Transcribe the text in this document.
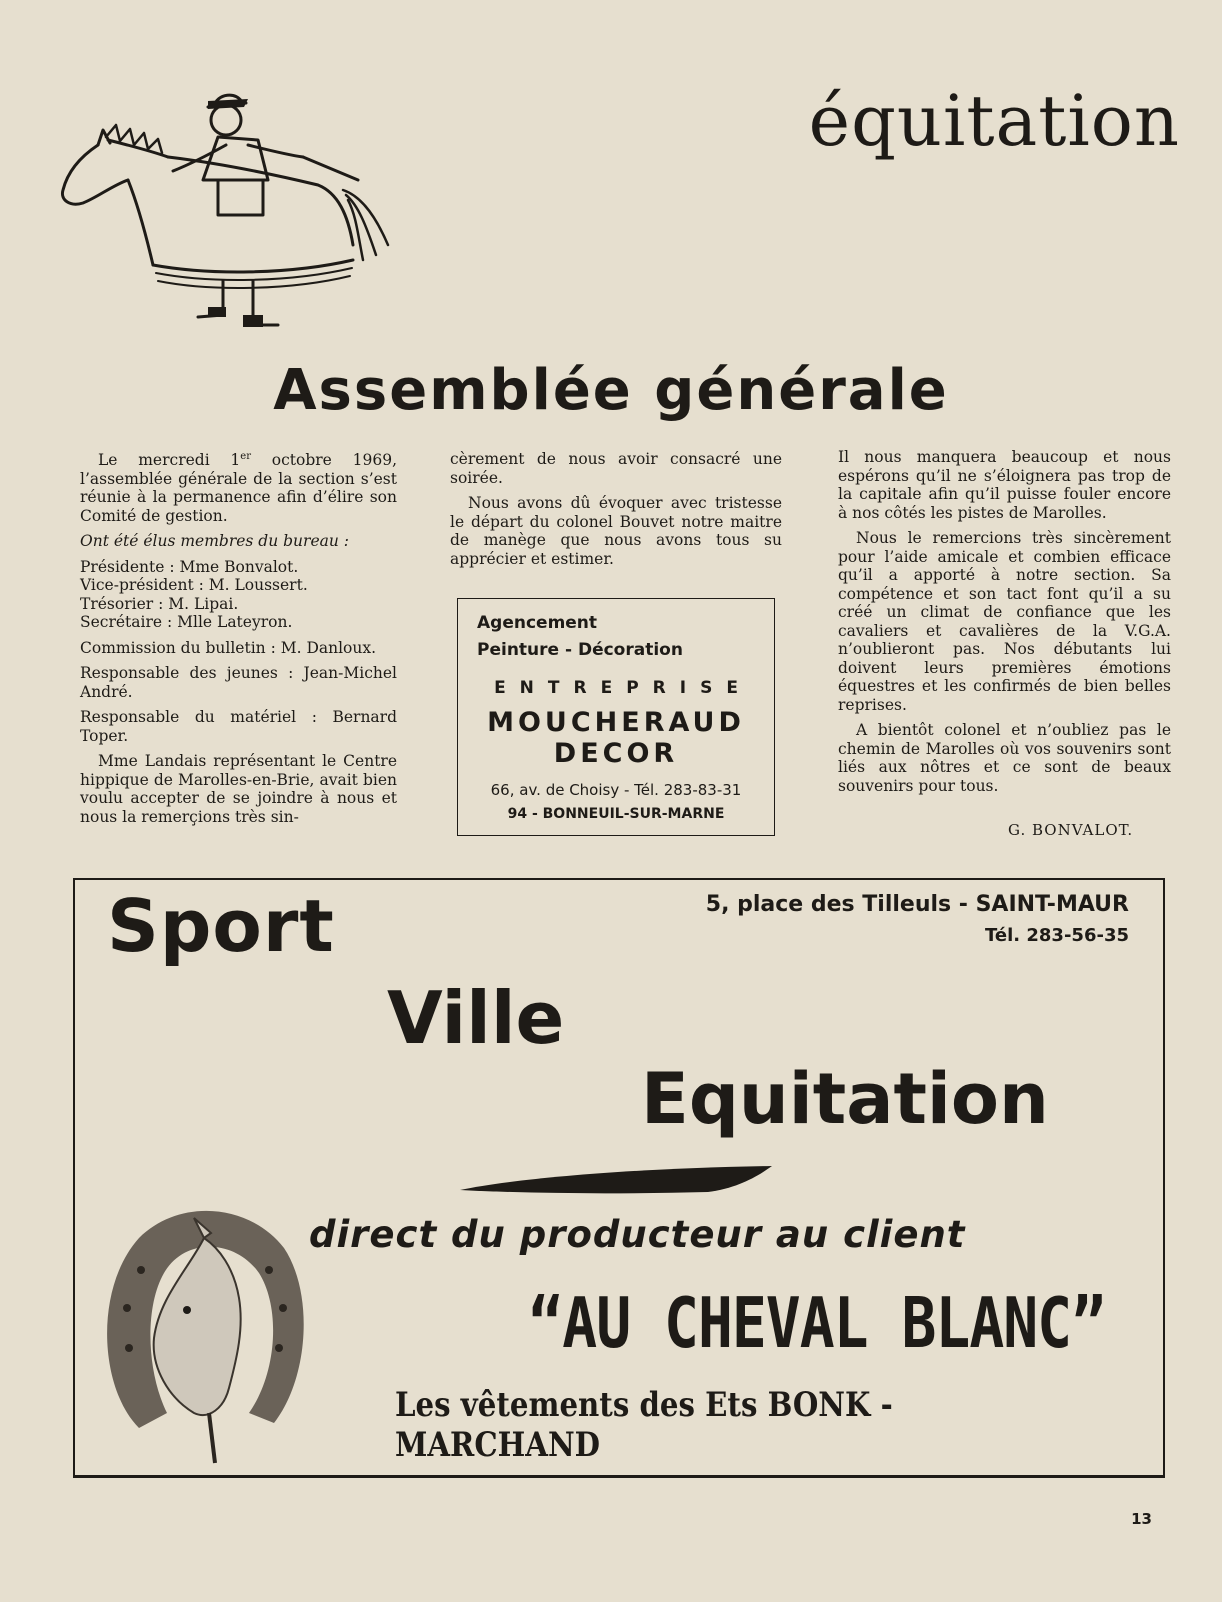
équitation
Assemblée générale

Le mercredi 1er octobre 1969, l’assemblée générale de la section s’est réunie à la permanence afin d’élire son Comité de gestion.

Ont été élus membres du bureau :

Présidente : Mme Bonvalot.
Vice-président : M. Loussert.
Trésorier : M. Lipai.
Secrétaire : Mlle Lateyron.

Commission du bulletin : M. Danloux.

Responsable des jeunes : Jean-Michel André.

Responsable du matériel : Bernard Toper.

Mme Landais représentant le Centre hippique de Marolles-en-Brie, avait bien voulu accepter de se joindre à nous et nous la remerçions très sin-

cèrement de nous avoir consacré une soirée.

Nous avons dû évoquer avec tristesse le départ du colonel Bouvet notre maitre de manège que nous avons tous su apprécier et estimer.

Agencement
Peinture - Décoration
ENTREPRISE
MOUCHERAUD
DECOR
66, av. de Choisy - Tél. 283-83-31
94 - BONNEUIL-SUR-MARNE

Il nous manquera beaucoup et nous espérons qu’il ne s’éloignera pas trop de la capitale afin qu’il puisse fouler encore à nos côtés les pistes de Marolles.

Nous le remercions très sincèrement pour l’aide amicale et combien efficace qu’il a apporté à notre section. Sa compétence et son tact font qu’il a su créé un climat de confiance que les cavaliers et cavalières de la V.G.A. n’oublieront pas. Nos débutants lui doivent leurs premières émotions équestres et les confirmés de bien belles reprises.

A bientôt colonel et n’oubliez pas le chemin de Marolles où vos souvenirs sont liés aux nôtres et ce sont de beaux souvenirs pour tous.

G. BONVALOT.
5, place des Tilleuls - SAINT-MAUR
Tél. 283-56-35
Sport
Ville
Equitation
direct du producteur au client
“AU CHEVAL BLANC”
Les vêtements des Ets BONK - MARCHAND
13
